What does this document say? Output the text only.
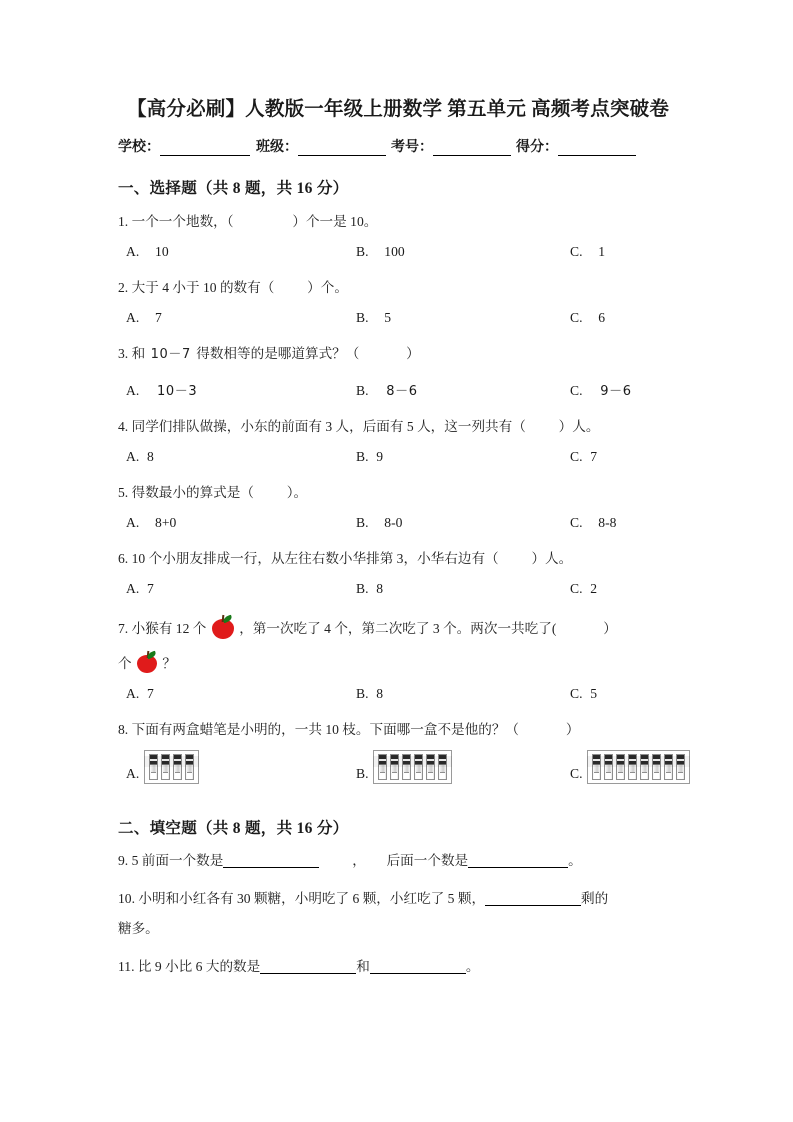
【高分必刷】人教版一年级上册数学 第五单元 高频考点突破卷
学校：	班级：	考号：	得分：
一、选择题（共 8 题，共 16 分）
1. 一个一个地数，（	）个一是 10。
A. 10	B. 100	C. 1
2. 大于 4 小于 10 的数有（ ）个。
A. 7	B. 5	C. 6
3. 和 10－7 得数相等的是哪道算式？（	）
A. 10－3	B. 8－6	C. 9－6
4. 同学们排队做操，小东的前面有 3 人，后面有 5 人，这一列共有（ ）人。
A. 8	B. 9	C. 7
5. 得数最小的算式是（ ）。
A. 8+0	B. 8-0	C. 8-8
6. 10 个小朋友排成一行，从左往右数小华排第 3，小华右边有（ ）人。
A. 7	B. 8	C. 2
7. 小猴有 12 个 ，第一次吃了 4 个，第二次吃了 3 个。两次一共吃了(	）
个 ？
A. 7	B. 8	C. 5
8. 下面有两盒蜡笔是小明的，一共 10 枝。下面哪一盒不是他的？（	）
A.	B.	C.
二、填空题（共 8 题，共 16 分）
9. 5 前面一个数是	， 后面一个数是	。
10. 小明和小红各有 30 颗糖，小明吃了 6 颗，小红吃了 5 颗，	剩的
糖多。
11. 比 9 小比 6 大的数是	和	。
